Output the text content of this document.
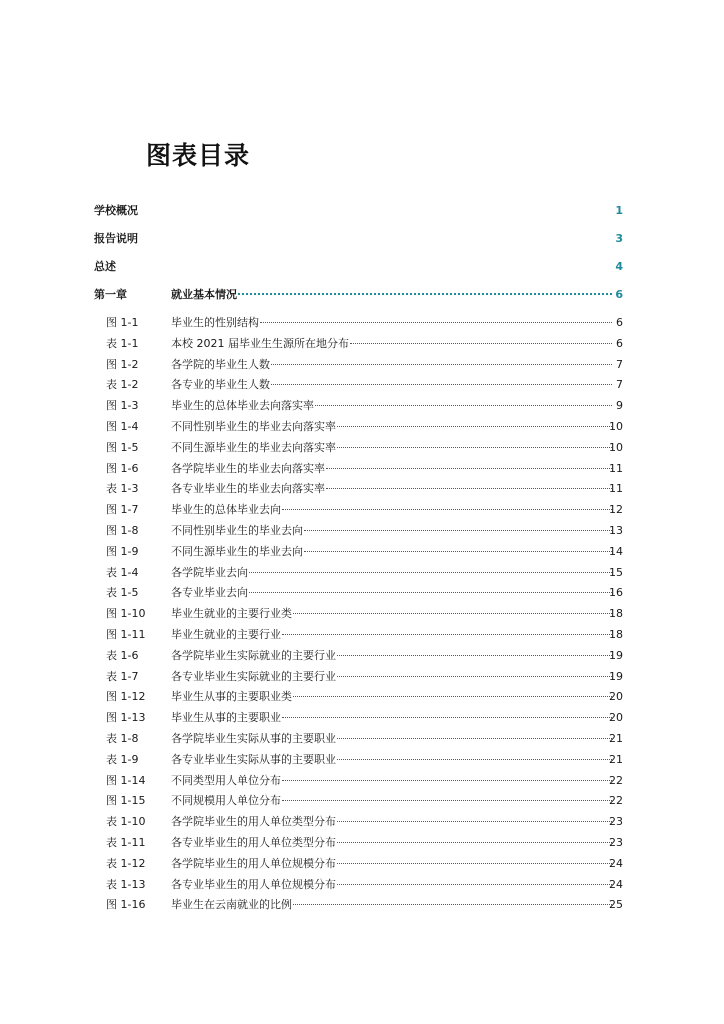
图表目录
学校概况	1
报告说明	3
总述	4
第一章	就业基本情况	6
图 1-1	毕业生的性别结构	6
表 1-1	本校 2021 届毕业生生源所在地分布	6
图 1-2	各学院的毕业生人数	7
表 1-2	各专业的毕业生人数	7
图 1-3	毕业生的总体毕业去向落实率	9
图 1-4	不同性别毕业生的毕业去向落实率	10
图 1-5	不同生源毕业生的毕业去向落实率	10
图 1-6	各学院毕业生的毕业去向落实率	11
表 1-3	各专业毕业生的毕业去向落实率	11
图 1-7	毕业生的总体毕业去向	12
图 1-8	不同性别毕业生的毕业去向	13
图 1-9	不同生源毕业生的毕业去向	14
表 1-4	各学院毕业去向	15
表 1-5	各专业毕业去向	16
图 1-10	毕业生就业的主要行业类	18
图 1-11	毕业生就业的主要行业	18
表 1-6	各学院毕业生实际就业的主要行业	19
表 1-7	各专业毕业生实际就业的主要行业	19
图 1-12	毕业生从事的主要职业类	20
图 1-13	毕业生从事的主要职业	20
表 1-8	各学院毕业生实际从事的主要职业	21
表 1-9	各专业毕业生实际从事的主要职业	21
图 1-14	不同类型用人单位分布	22
图 1-15	不同规模用人单位分布	22
表 1-10	各学院毕业生的用人单位类型分布	23
表 1-11	各专业毕业生的用人单位类型分布	23
表 1-12	各学院毕业生的用人单位规模分布	24
表 1-13	各专业毕业生的用人单位规模分布	24
图 1-16	毕业生在云南就业的比例	25
